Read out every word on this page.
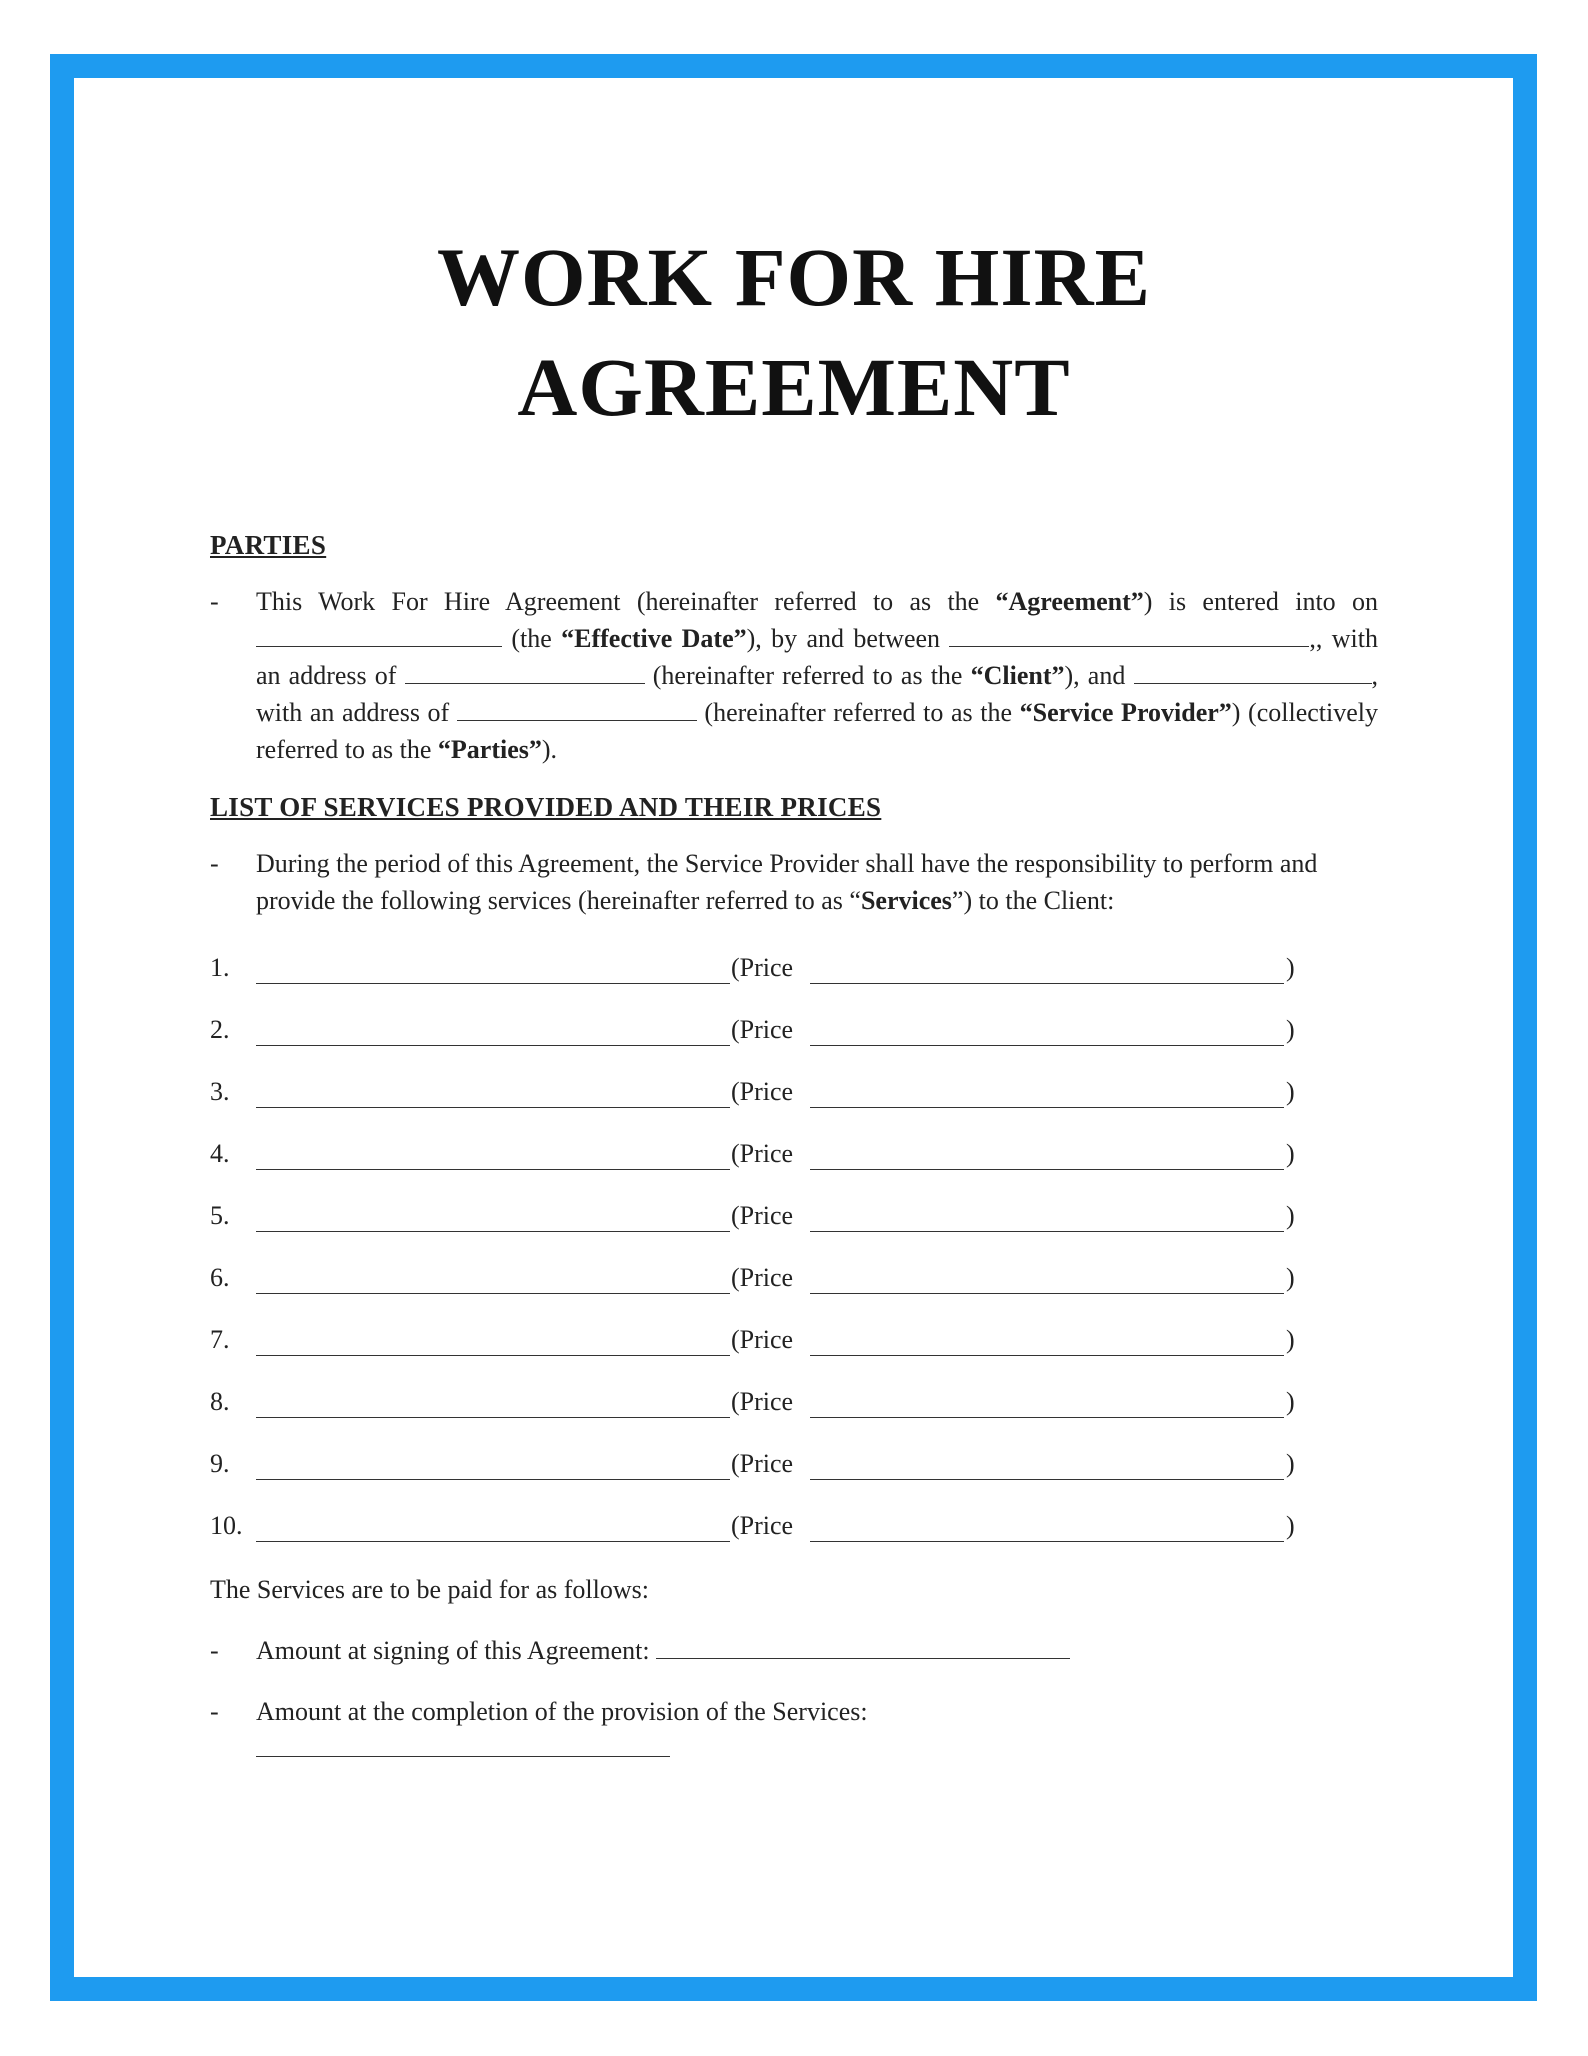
WORK FOR HIRE
AGREEMENT

PARTIES

- This Work For Hire Agreement (hereinafter referred to as the “Agreement”) is entered into on  (the “Effective Date”), by and between	,, with an address of	(hereinafter referred to as the “Client”), and	, with an address of	(hereinafter referred to as the “Service Provider”) (collectively referred to as the “Parties”).

LIST OF SERVICES PROVIDED AND THEIR PRICES

- During the period of this Agreement, the Service Provider shall have the responsibility to perform and provide the following services (hereinafter referred to as “Services”) to the Client:
1.	(Price	)
2.	(Price	)
3.	(Price	)
4.	(Price	)
5.	(Price	)
6.	(Price	)
7.	(Price	)
8.	(Price	)
9.	(Price	)
10.	(Price	)

The Services are to be paid for as follows:

- Amount at signing of this Agreement:
- Amount at the completion of the provision of the Services:
